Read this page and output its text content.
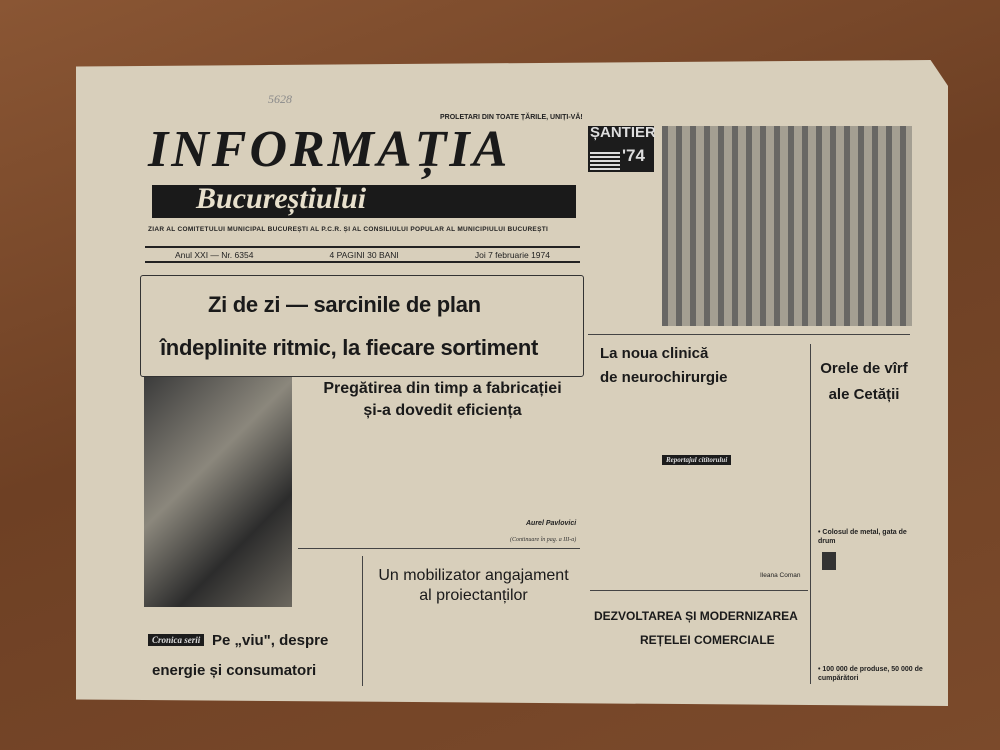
5628
PROLETARI DIN TOATE ȚĂRILE, UNIȚI-VĂ!
INFORMAȚIA
Bucureștiului
ZIAR AL COMITETULUI MUNICIPAL BUCUREȘTI AL P.C.R. ȘI AL CONSILIULUI POPULAR AL MUNICIPIULUI BUCUREȘTI
Anul XXI — Nr. 6354	4 PAGINI 30 BANI	Joi 7 februarie 1974
Zi de zi — sarcinile de plan
îndeplinite ritmic, la fiecare sortiment
Pregătirea din timp a fabricației
și-a dovedit eficiența
Aurel Pavlovici
(Continuare în pag. a III-a)
Un mobilizator angajament
al proiectanților
Cronica serii Pe „viu", despre
energie și consumatori
ȘANTIER
'74
La noua clinică
de neurochirurgie
Reportajul cititorului
Ileana Coman
Orele de vîrf
ale Cetății
• Colosul de metal, gata de drum
• 100 000 de produse, 50 000 de cumpărători
DEZVOLTAREA ȘI MODERNIZAREA
REȚELEI COMERCIALE
